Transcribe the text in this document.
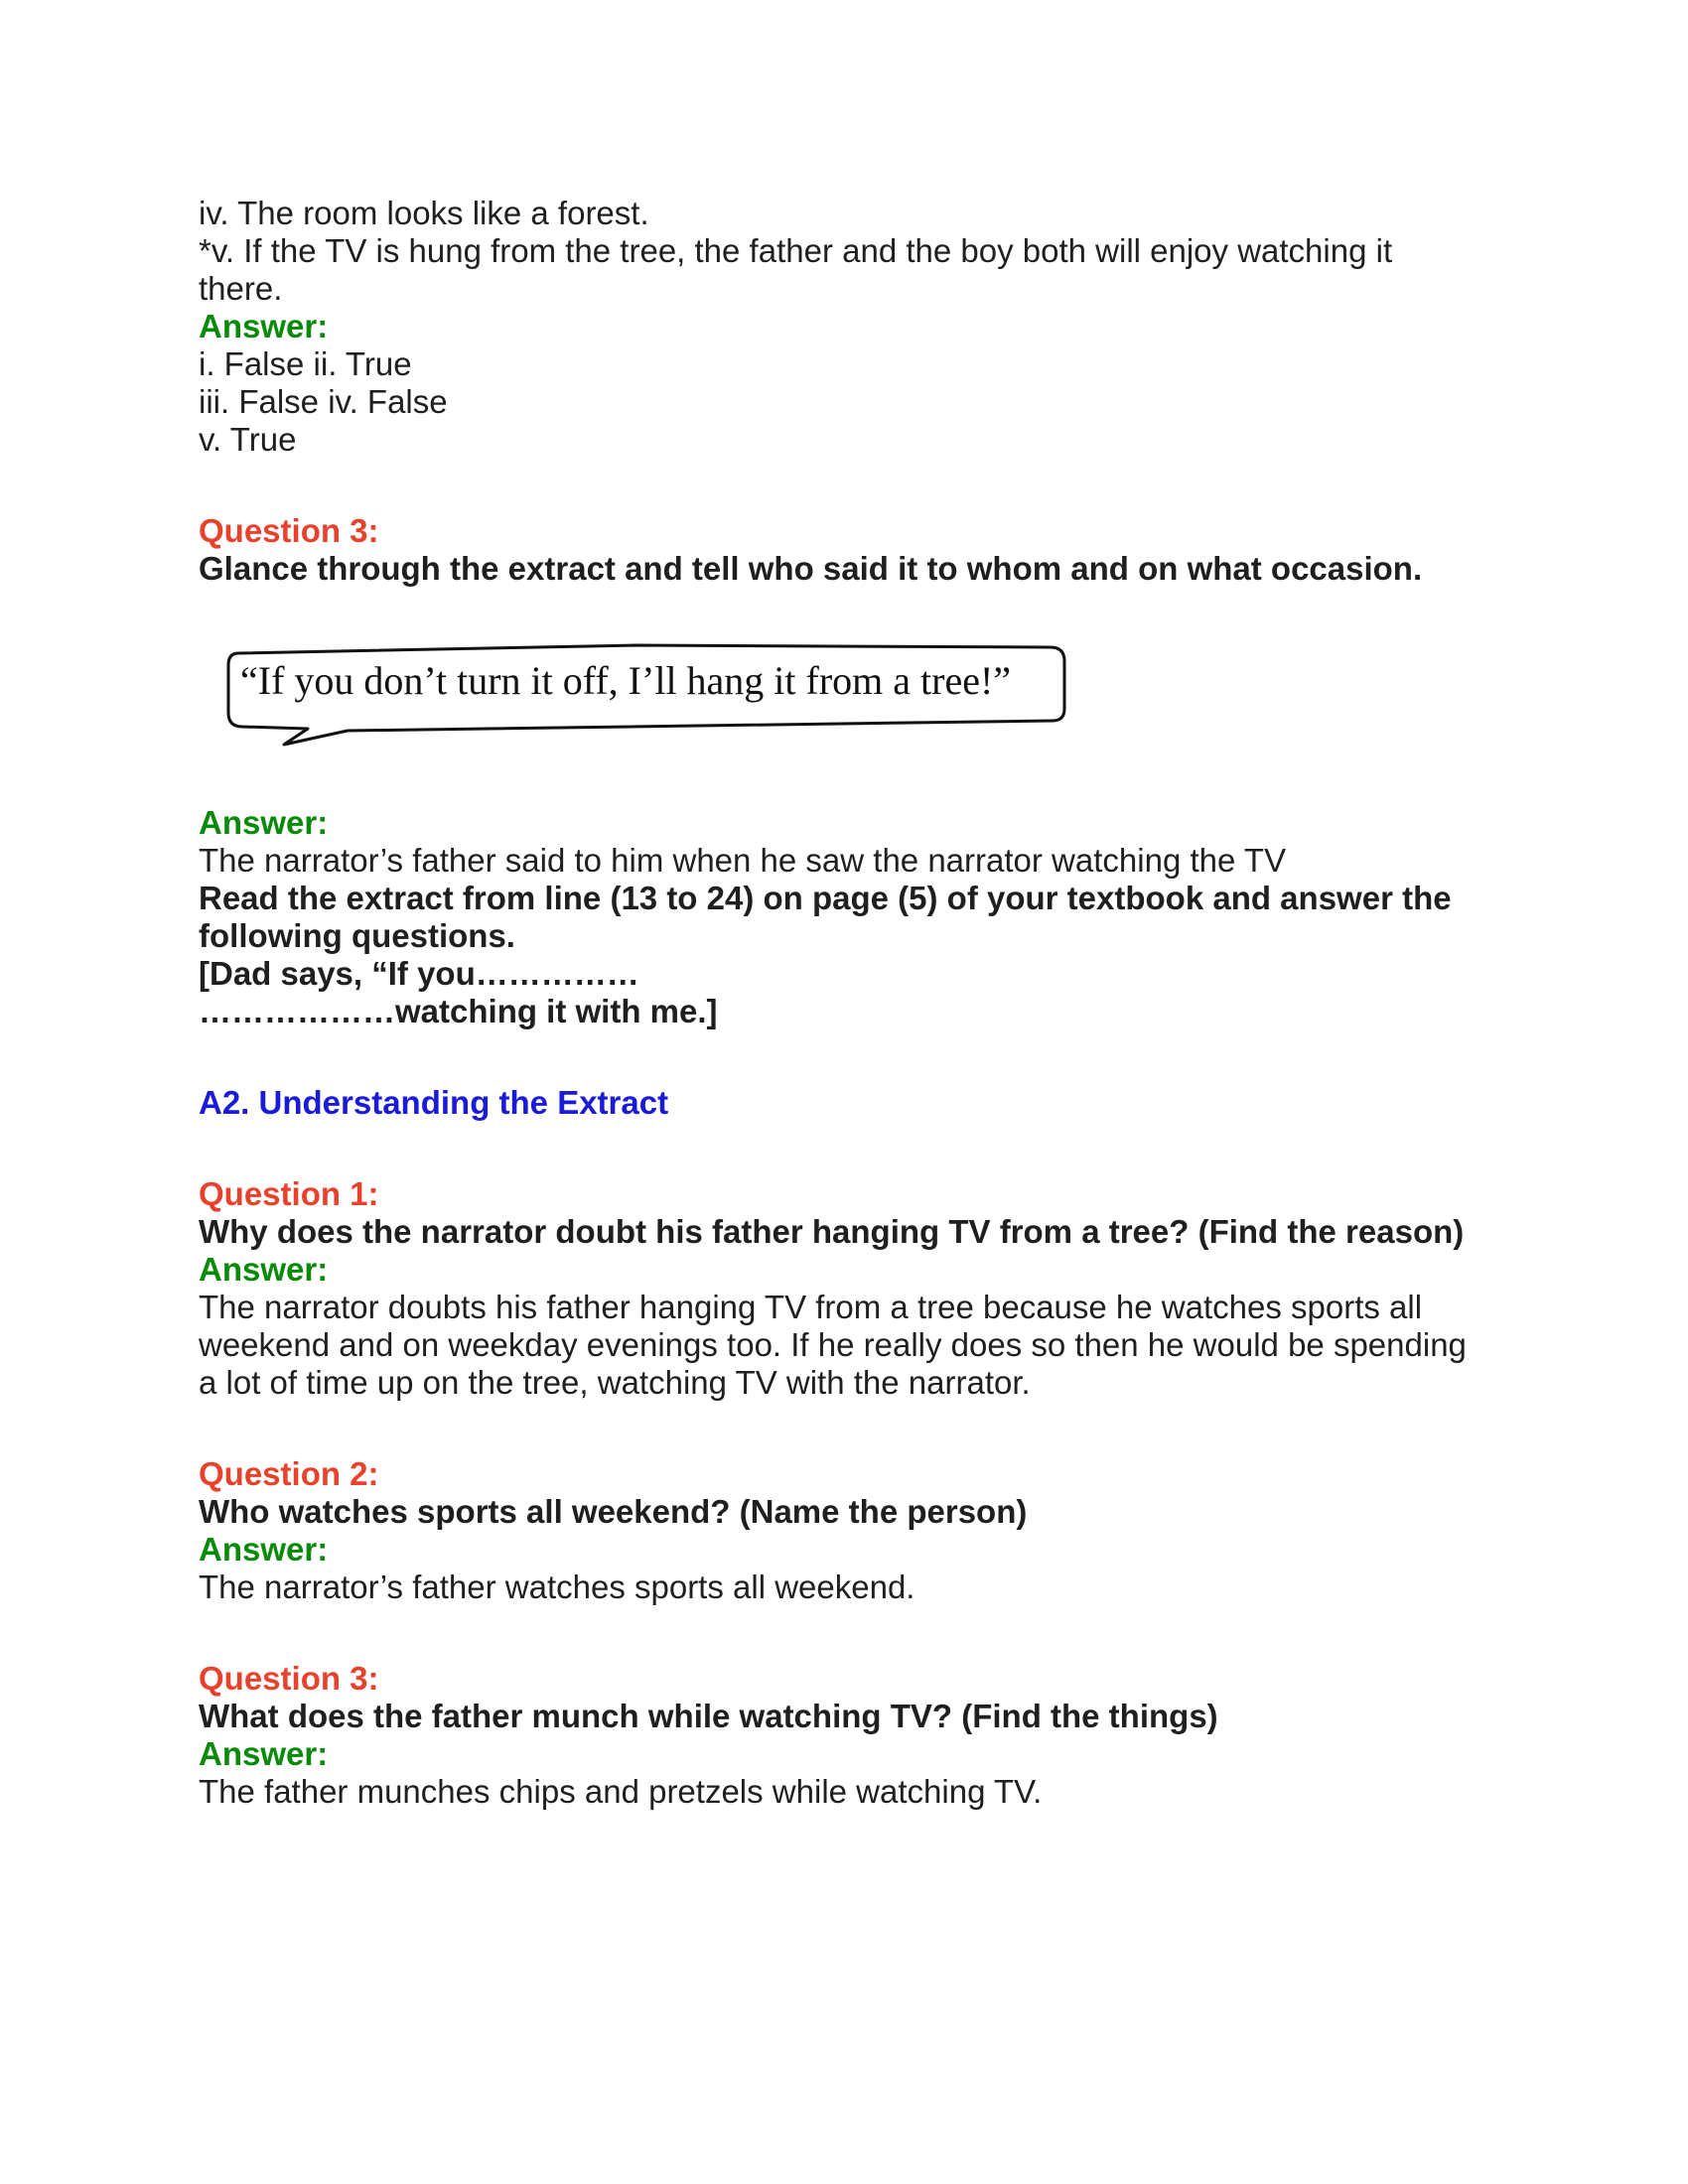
iv. The room looks like a forest.

*v. If the TV is hung from the tree, the father and the boy both will enjoy watching it

there.

Answer:

i. False ii. True

iii. False iv. False

v. True

Question 3:

Glance through the extract and tell who said it to whom and on what occasion.

“If you don’t turn it off, I’ll hang it from a tree!”

Answer:

The narrator’s father said to him when he saw the narrator watching the TV

Read the extract from line (13 to 24) on page (5) of your textbook and answer the

following questions.

[Dad says, “If you……………

………………watching it with me.]

A2. Understanding the Extract

Question 1:

Why does the narrator doubt his father hanging TV from a tree? (Find the reason)

Answer:

The narrator doubts his father hanging TV from a tree because he watches sports all

weekend and on weekday evenings too. If he really does so then he would be spending

a lot of time up on the tree, watching TV with the narrator.

Question 2:

Who watches sports all weekend? (Name the person)

Answer:

The narrator’s father watches sports all weekend.

Question 3:

What does the father munch while watching TV? (Find the things)

Answer:

The father munches chips and pretzels while watching TV.
